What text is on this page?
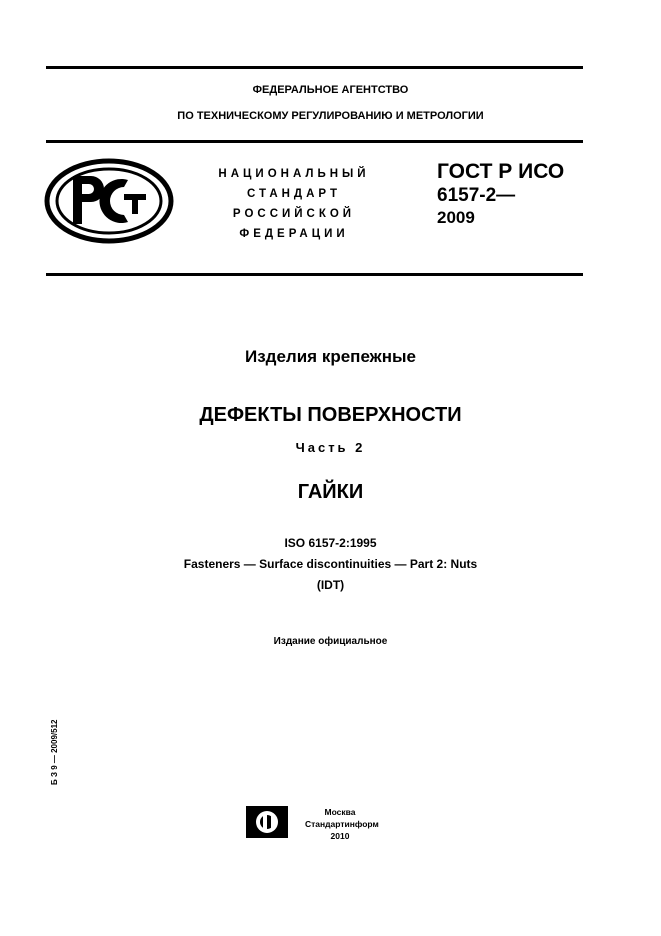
ФЕДЕРАЛЬНОЕ АГЕНТСТВО
ПО ТЕХНИЧЕСКОМУ РЕГУЛИРОВАНИЮ И МЕТРОЛОГИИ
НАЦИОНАЛЬНЫЙ
СТАНДАРТ
РОССИЙСКОЙ
ФЕДЕРАЦИИ
ГОСТ Р ИСО
6157-2—
2009
Изделия крепежные
ДЕФЕКТЫ ПОВЕРХНОСТИ
Часть 2
ГАЙКИ
ISO 6157-2:1995
Fasteners — Surface discontinuities — Part 2: Nuts
(IDT)
Издание официальное
Б З 9 — 2009/512
Москва
Стандартинформ
2010
